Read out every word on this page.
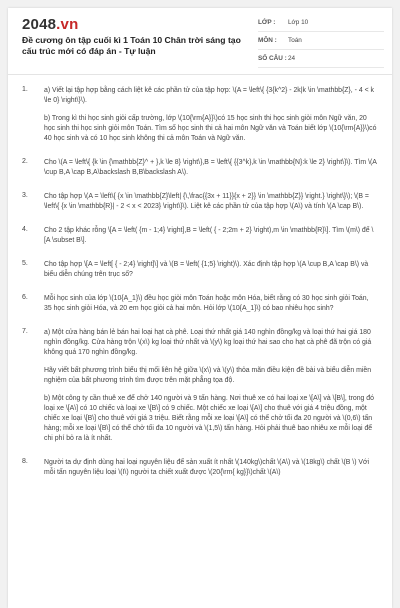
2048.vn
Đề cương ôn tập cuối kì 1 Toán 10 Chân trời sáng tạo cấu trúc mới có đáp án - Tự luận
LỚP :	Lớp 10
MÔN :	Toán
SỐ CÂU : 24
1.	a) Viết lại tập hợp bằng cách liệt kê các phần tử của tập hợp: \(A = \left\{ {3{k^2} - 2k|k \in \mathbb{Z}, - 4 < k \le 0} \right\}\).

b) Trong kì thi học sinh giỏi cấp trường, lớp \(10{\rm{A}}\)có 15 học sinh thi học sinh giỏi môn Ngữ văn, 20 học sinh thi học sinh giỏi môn Toán. Tìm số học sinh thi cả hai môn Ngữ văn và Toán biết lớp \(10{\rm{A}}\)có 40 học sinh và có 10 học sinh không thi cả môn Toán và Ngữ văn.

2.	Cho \(A = \left\{ {k \in {\mathbb{Z}^ + },k \le 8} \right\},B = \left\{ {{3^k},k \in \mathbb{N}:k \le 2} \right\}\). Tìm \(A \cup B,A \cap B,A\backslash B,B\backslash A\).

3.	Cho tập hợp \(A = \left\{ {x \in \mathbb{Z}\left| {\,\frac{{3x + 11}}{x + 2}} \in \mathbb{Z}} \right.} \right\}\); \(B = \left\{ {x \in \mathbb{R}| - 2 < x < 2023} \right\}\). Liệt kê các phần tử của tập hợp \(A\) và tính \(A \cap B\).

4.	Cho 2 tập khác rỗng \[A = \left( {m - 1;4} \right],B = \left( { - 2;2m + 2} \right),m \in \mathbb{R}\]. Tìm \(m\) để \[A \subset B\].

5.	Cho tập hợp \[A = \left[ { - 2;4} \right]\] và \(B = \left( {1;5} \right)\). Xác định tập hợp \(A \cup B,A \cap B\) và biểu diễn chúng trên trục số?

6.	Mỗi học sinh của lớp \(10{A_1}\) đều học giỏi môn Toán hoặc môn Hóa, biết rằng có 30 học sinh giỏi Toán, 35 học sinh giỏi Hóa, và 20 em học giỏi cả hai môn. Hỏi lớp \(10{A_1}\) có bao nhiêu học sinh?

7.	a) Một cửa hàng bán lẻ bán hai loại hạt cà phê. Loại thứ nhất giá 140 nghìn đồng/kg và loại thứ hai giá 180 nghìn đồng/kg. Cửa hàng trộn \(x\) kg loại thứ nhất và \(y\) kg loại thứ hai sao cho hạt cà phê đã trộn có giá không quá 170 nghìn đồng/kg.

Hãy viết bất phương trình biểu thị mối liên hệ giữa \(x\) và \(y\) thỏa mãn điều kiện đề bài và biểu diễn miền nghiệm của bất phương trình tìm được trên mặt phẳng tọa độ.

b) Một công ty cần thuê xe để chở 140 người và 9 tấn hàng. Nơi thuê xe có hai loại xe \[A\] và \[B\], trong đó loại xe \[A\] có 10 chiếc và loại xe \[B\] có 9 chiếc. Một chiếc xe loại \[A\] cho thuê với giá 4 triệu đồng, một chiếc xe loại \[B\] cho thuê với giá 3 triệu. Biết rằng mỗi xe loại \[A\] có thể chở tối đa 20 người và \(0,6\) tấn hàng; mỗi xe loại \[B\] có thể chở tối đa 10 người và \(1,5\) tấn hàng. Hỏi phải thuê bao nhiêu xe mỗi loại để chi phí bỏ ra là ít nhất.

8.	Người ta dự định dùng hai loại nguyên liệu để sản xuất ít nhất \(140kg\)chất \(A\) và \(18kg\) chất \(B \) Với mỗi tấn nguyên liệu loại \(I\) người ta chiết xuất được \(20{\rm{ kg}}\)chất \(A\)
